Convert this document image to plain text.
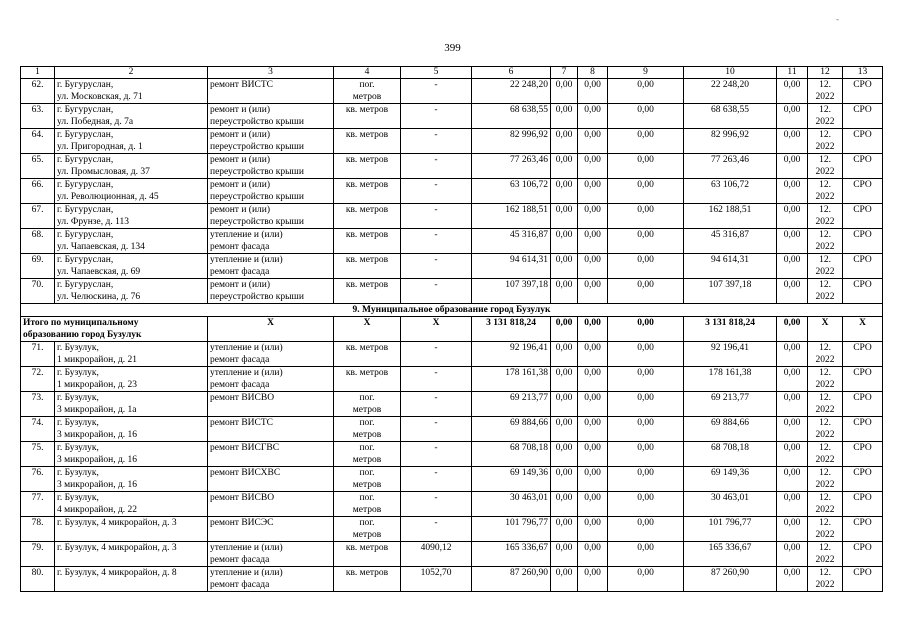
-
399
1	2	3	4	5	6	7	8	9	10	11	12	13
62.	г. Бугуруслан,
ул. Московская, д. 71	ремонт ВИСТС	пог.
метров	-	22 248,20	0,00	0,00	0,00	22 248,20	0,00	12.
2022	СРО
63.	г. Бугуруслан,
ул. Победная, д. 7а	ремонт и (или)
переустройство крыши	кв. метров	-	68 638,55	0,00	0,00	0,00	68 638,55	0,00	12.
2022	СРО
64.	г. Бугуруслан,
ул. Пригородная, д. 1	ремонт и (или)
переустройство крыши	кв. метров	-	82 996,92	0,00	0,00	0,00	82 996,92	0,00	12.
2022	СРО
65.	г. Бугуруслан,
ул. Промысловая, д. 37	ремонт и (или)
переустройство крыши	кв. метров	-	77 263,46	0,00	0,00	0,00	77 263,46	0,00	12.
2022	СРО
66.	г. Бугуруслан,
ул. Революционная, д. 45	ремонт и (или)
переустройство крыши	кв. метров	-	63 106,72	0,00	0,00	0,00	63 106,72	0,00	12.
2022	СРО
67.	г. Бугуруслан,
ул. Фрунзе, д. 113	ремонт и (или)
переустройство крыши	кв. метров	-	162 188,51	0,00	0,00	0,00	162 188,51	0,00	12.
2022	СРО
68.	г. Бугуруслан,
ул. Чапаевская, д. 134	утепление и (или)
ремонт фасада	кв. метров	-	45 316,87	0,00	0,00	0,00	45 316,87	0,00	12.
2022	СРО
69.	г. Бугуруслан,
ул. Чапаевская, д. 69	утепление и (или)
ремонт фасада	кв. метров	-	94 614,31	0,00	0,00	0,00	94 614,31	0,00	12.
2022	СРО
70.	г. Бугуруслан,
ул. Челюскина, д. 76	ремонт и (или)
переустройство крыши	кв. метров	-	107 397,18	0,00	0,00	0,00	107 397,18	0,00	12.
2022	СРО
9. Муниципальное образование город Бузулук												
Итого по муниципальному
образованию город Бузулук		X	X	X	3 131 818,24	0,00	0,00	0,00	3 131 818,24	0,00	X	X
71.	г. Бузулук,
1 микрорайон, д. 21	утепление и (или)
ремонт фасада	кв. метров	-	92 196,41	0,00	0,00	0,00	92 196,41	0,00	12.
2022	СРО
72.	г. Бузулук,
1 микрорайон, д. 23	утепление и (или)
ремонт фасада	кв. метров	-	178 161,38	0,00	0,00	0,00	178 161,38	0,00	12.
2022	СРО
73.	г. Бузулук,
3 микрорайон, д. 1а	ремонт ВИСВО	пог.
метров	-	69 213,77	0,00	0,00	0,00	69 213,77	0,00	12.
2022	СРО
74.	г. Бузулук,
3 микрорайон, д. 16	ремонт ВИСТС	пог.
метров	-	69 884,66	0,00	0,00	0,00	69 884,66	0,00	12.
2022	СРО
75.	г. Бузулук,
3 микрорайон, д. 16	ремонт ВИСГВС	пог.
метров	-	68 708,18	0,00	0,00	0,00	68 708,18	0,00	12.
2022	СРО
76.	г. Бузулук,
3 микрорайон, д. 16	ремонт ВИСХВС	пог.
метров	-	69 149,36	0,00	0,00	0,00	69 149,36	0,00	12.
2022	СРО
77.	г. Бузулук,
4 микрорайон, д. 22	ремонт ВИСВО	пог.
метров	-	30 463,01	0,00	0,00	0,00	30 463,01	0,00	12.
2022	СРО
78.	г. Бузулук, 4 микрорайон, д. 3	ремонт ВИСЭС	пог.
метров	-	101 796,77	0,00	0,00	0,00	101 796,77	0,00	12.
2022	СРО
79.	г. Бузулук, 4 микрорайон, д. 3	утепление и (или)
ремонт фасада	кв. метров	4090,12	165 336,67	0,00	0,00	0,00	165 336,67	0,00	12.
2022	СРО
80.	г. Бузулук, 4 микрорайон, д. 8	утепление и (или)
ремонт фасада	кв. метров	1052,70	87 260,90	0,00	0,00	0,00	87 260,90	0,00	12.
2022	СРО
